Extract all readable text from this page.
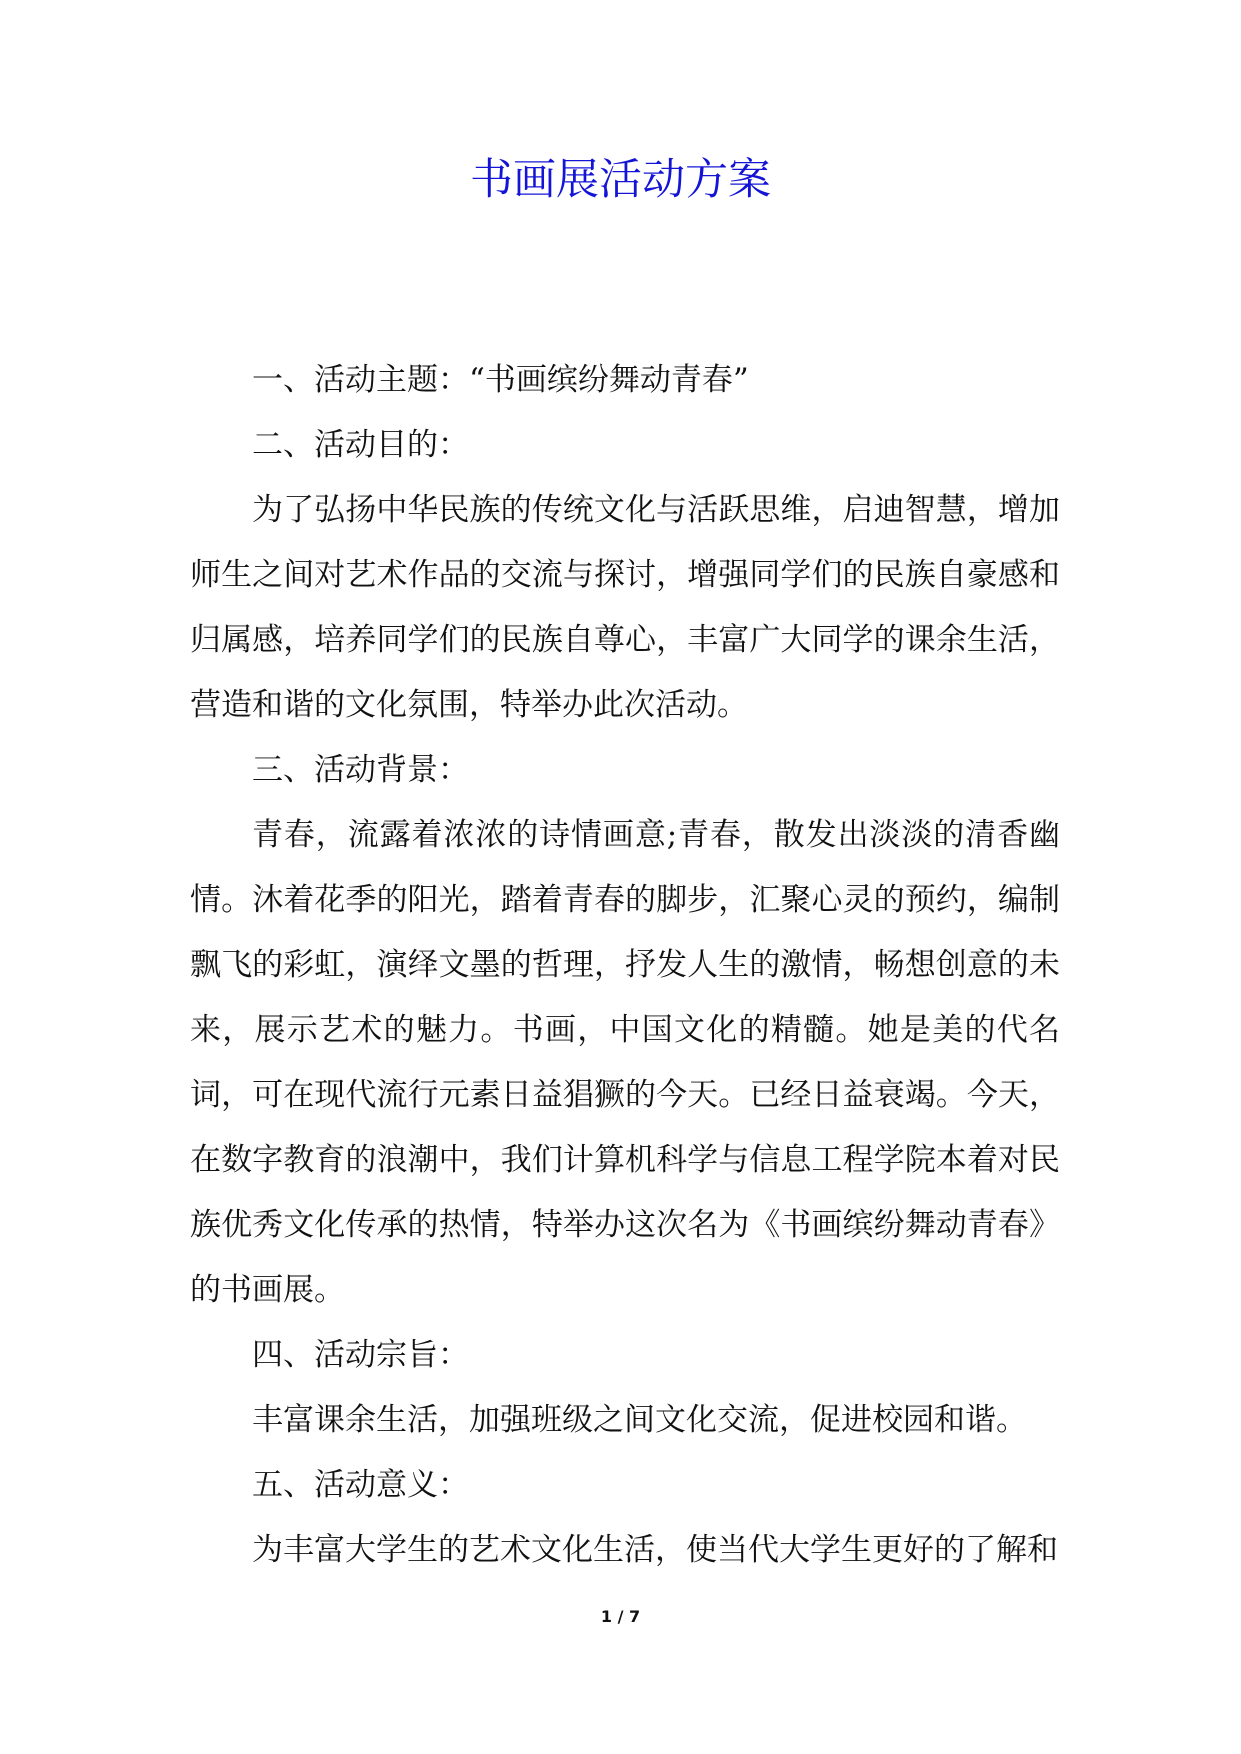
书画展活动方案

一、活动主题：“书画缤纷舞动青春”

二、活动目的：

为了弘扬中华民族的传统文化与活跃思维，启迪智慧，增加师生之间对艺术作品的交流与探讨，增强同学们的民族自豪感和归属感，培养同学们的民族自尊心，丰富广大同学的课余生活，营造和谐的文化氛围，特举办此次活动。

三、活动背景：

青春，流露着浓浓的诗情画意;青春，散发出淡淡的清香幽情。沐着花季的阳光，踏着青春的脚步，汇聚心灵的预约，编制飘飞的彩虹，演绎文墨的哲理，抒发人生的激情，畅想创意的未来，展示艺术的魅力。书画，中国文化的精髓。她是美的代名词，可在现代流行元素日益猖獗的今天。已经日益衰竭。今天，在数字教育的浪潮中，我们计算机科学与信息工程学院本着对民族优秀文化传承的热情，特举办这次名为《书画缤纷舞动青春》的书画展。

四、活动宗旨：

丰富课余生活，加强班级之间文化交流，促进校园和谐。

五、活动意义：

为丰富大学生的艺术文化生活，使当代大学生更好的了解和

1 / 7
